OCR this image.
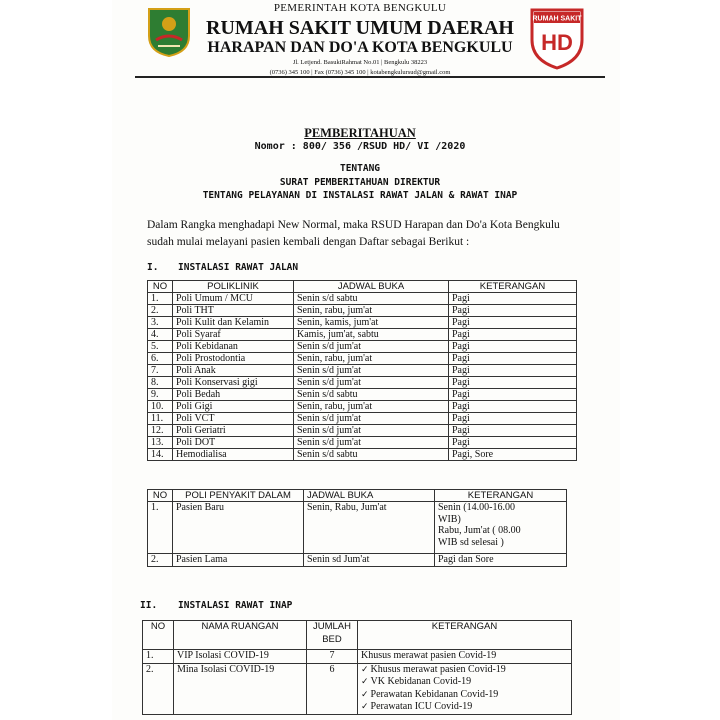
PEMERINTAH KOTA BENGKULU
RUMAH SAKIT UMUM DAERAH
HARAPAN DAN DO'A KOTA BENGKULU
Jl. Letjend. BasukiRahmat No.01 | Bengkulu 38223
(0736) 345 100 | Fax (0736) 345 100 | kotabengkulursud@gmail.com
RUMAH SAKIT
HD
PEMBERITAHUAN
Nomor : 800/ 356 /RSUD HD/ VI /2020
TENTANG
SURAT PEMBERITAHUAN DIREKTUR
TENTANG PELAYANAN DI INSTALASI RAWAT JALAN & RAWAT INAP
Dalam Rangka menghadapi New Normal, maka RSUD Harapan dan Do'a Kota Bengkulu sudah mulai melayani pasien kembali dengan Daftar sebagai Berikut :
I. INSTALASI RAWAT JALAN
NO	POLIKLINIK	JADWAL BUKA	KETERANGAN
1.	Poli Umum / MCU	Senin s/d sabtu	Pagi
2.	Poli THT	Senin, rabu, jum'at	Pagi
3.	Poli Kulit dan Kelamin	Senin, kamis, jum'at	Pagi
4.	Poli Syaraf	Kamis, jum'at, sabtu	Pagi
5.	Poli Kebidanan	Senin s/d jum'at	Pagi
6.	Poli Prostodontia	Senin, rabu, jum'at	Pagi
7.	Poli Anak	Senin s/d jum'at	Pagi
8.	Poli Konservasi gigi	Senin s/d jum'at	Pagi
9.	Poli Bedah	Senin s/d sabtu	Pagi
10.	Poli Gigi	Senin, rabu, jum'at	Pagi
11.	Poli VCT	Senin s/d jum'at	Pagi
12.	Poli Geriatri	Senin s/d jum'at	Pagi
13.	Poli DOT	Senin s/d jum'at	Pagi
14.	Hemodialisa	Senin s/d sabtu	Pagi, Sore
NO	POLI PENYAKIT DALAM	JADWAL BUKA	KETERANGAN
1.	Pasien Baru	Senin, Rabu, Jum'at	Senin (14.00-16.00
WIB)
Rabu, Jum'at ( 08.00
WIB sd selesai )

2.	Pasien Lama	Senin sd Jum'at	Pagi dan Sore
II. INSTALASI RAWAT INAP
NO	NAMA RUANGAN	JUMLAH BED	KETERANGAN
1.	VIP Isolasi COVID-19	7	Khusus merawat pasien Covid-19

2.	Mina Isolasi COVID-19	6	✓ Khusus merawat pasien Covid-19
✓ VK Kebidanan Covid-19
✓ Perawatan Kebidanan Covid-19
✓ Perawatan ICU Covid-19
